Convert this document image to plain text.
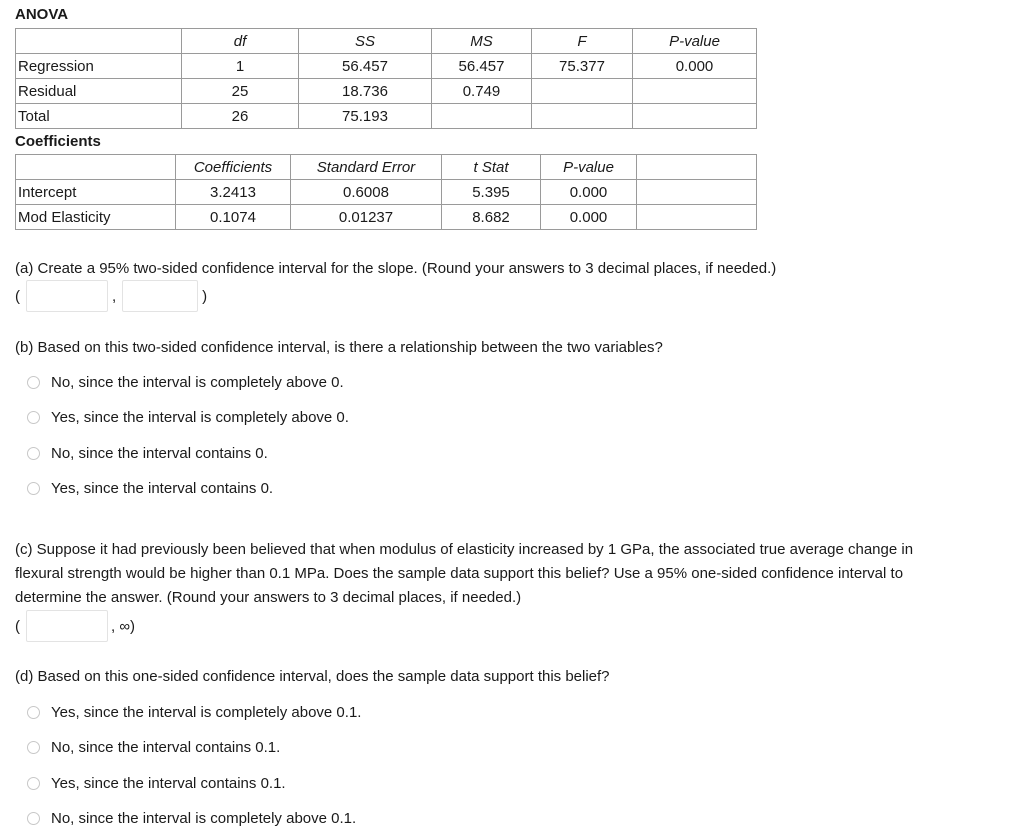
ANOVA
	df	SS	MS	F	P-value
Regression	1	56.457	56.457	75.377	0.000
Residual	25	18.736	0.749		
Total	26	75.193			
Coefficients
	Coefficients	Standard Error	t Stat	P-value	
Intercept	3.2413	0.6008	5.395	0.000	
Mod Elasticity	0.1074	0.01237	8.682	0.000	
(a) Create a 95% two-sided confidence interval for the slope. (Round your answers to 3 decimal places, if needed.)
(	,	)
(b) Based on this two-sided confidence interval, is there a relationship between the two variables?
No, since the interval is completely above 0.
Yes, since the interval is completely above 0.
No, since the interval contains 0.
Yes, since the interval contains 0.
(c) Suppose it had previously been believed that when modulus of elasticity increased by 1 GPa, the associated true average change in
flexural strength would be higher than 0.1 MPa. Does the sample data support this belief? Use a 95% one-sided confidence interval to
determine the answer. (Round your answers to 3 decimal places, if needed.)
(	, ∞)
(d) Based on this one-sided confidence interval, does the sample data support this belief?
Yes, since the interval is completely above 0.1.
No, since the interval contains 0.1.
Yes, since the interval contains 0.1.
No, since the interval is completely above 0.1.
